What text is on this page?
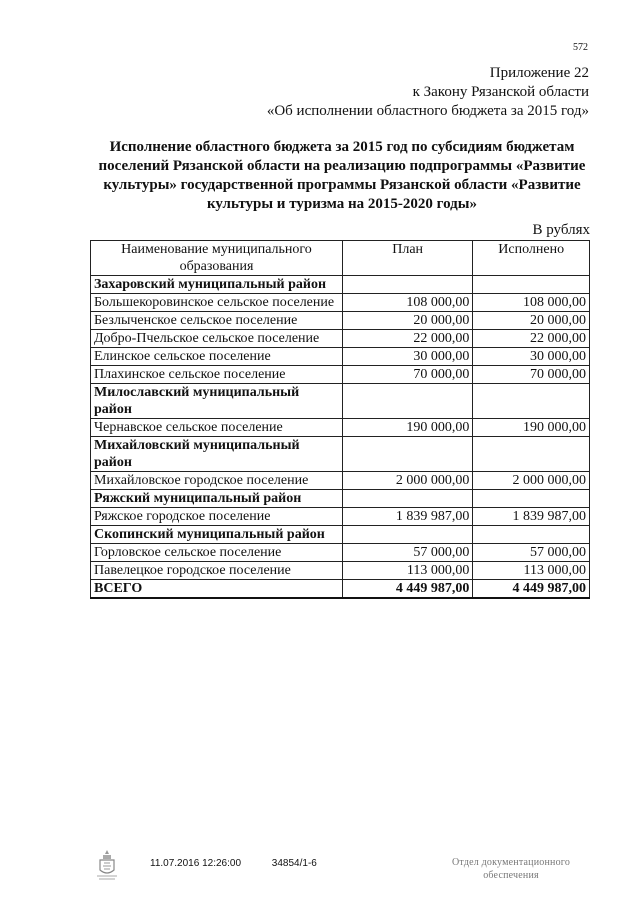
572
Приложение 22
к Закону Рязанской области
«Об исполнении областного бюджета за 2015 год»
Исполнение областного бюджета за 2015 год по субсидиям бюджетам
поселений Рязанской области на реализацию подпрограммы «Развитие
культуры» государственной программы Рязанской области «Развитие
культуры и туризма на 2015-2020 годы»
В рублях
Наименование муниципального образования	План	Исполнено
Захаровский муниципальный район		
Большекоровинское сельское поселение	108 000,00	108 000,00
Безлыченское сельское поселение	20 000,00	20 000,00
Добро-Пчельское сельское поселение	22 000,00	22 000,00
Елинское сельское поселение	30 000,00	30 000,00
Плахинское сельское поселение	70 000,00	70 000,00
Милославский муниципальный район		
Чернавское сельское поселение	190 000,00	190 000,00
Михайловский муниципальный район		
Михайловское городское поселение	2 000 000,00	2 000 000,00
Ряжский муниципальный район		
Ряжское городское поселение	1 839 987,00	1 839 987,00
Скопинский муниципальный район		
Горловское сельское поселение	57 000,00	57 000,00
Павелецкое городское поселение	113 000,00	113 000,00
ВСЕГО	4 449 987,00	4 449 987,00
11.07.2016 12:26:00	34854/1-6	Отдел документационного
обеспечения
